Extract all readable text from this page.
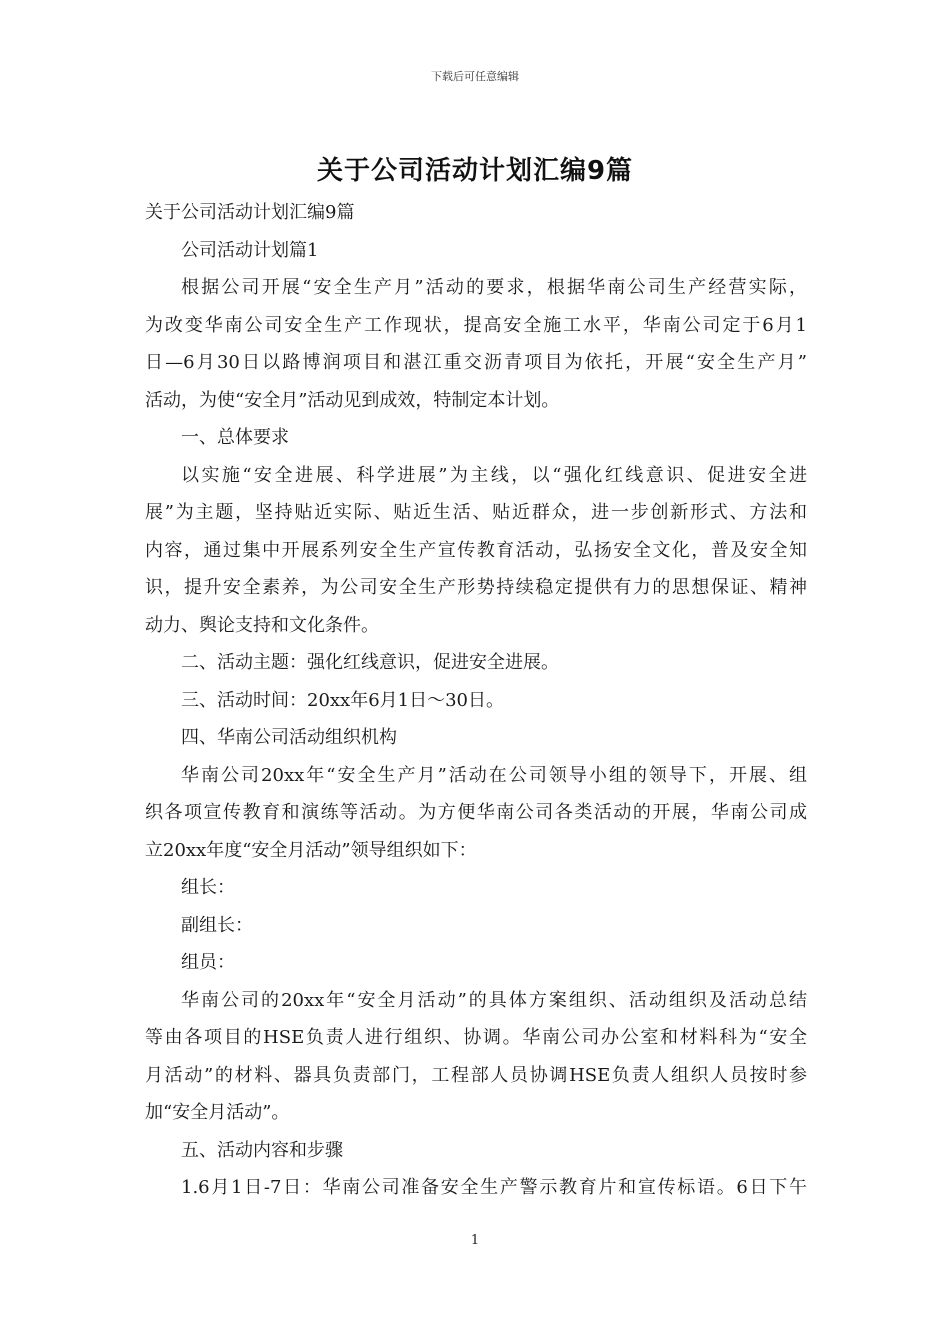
下载后可任意编辑
关于公司活动计划汇编9篇
关于公司活动计划汇编9篇
公司活动计划篇1
根据公司开展“安全生产月”活动的要求，根据华南公司生产经营实际，
为改变华南公司安全生产工作现状，提高安全施工水平，华南公司定于6月1
日—6月30日以路博润项目和湛江重交沥青项目为依托，开展“安全生产月”
活动，为使“安全月”活动见到成效，特制定本计划。
一、总体要求
以实施“安全进展、科学进展”为主线，以“强化红线意识、促进安全进
展”为主题，坚持贴近实际、贴近生活、贴近群众，进一步创新形式、方法和
内容，通过集中开展系列安全生产宣传教育活动，弘扬安全文化，普及安全知
识，提升安全素养，为公司安全生产形势持续稳定提供有力的思想保证、精神
动力、舆论支持和文化条件。
二、活动主题：强化红线意识，促进安全进展。
三、活动时间：20xx年6月1日～30日。
四、华南公司活动组织机构
华南公司20xx年“安全生产月”活动在公司领导小组的领导下，开展、组
织各项宣传教育和演练等活动。为方便华南公司各类活动的开展，华南公司成
立20xx年度“安全月活动”领导组织如下：
组长：
副组长：
组员：
华南公司的20xx年“安全月活动”的具体方案组织、活动组织及活动总结
等由各项目的HSE负责人进行组织、协调。华南公司办公室和材料科为“安全
月活动”的材料、器具负责部门，工程部人员协调HSE负责人组织人员按时参
加“安全月活动”。
五、活动内容和步骤
1.6月1日-7日：华南公司准备安全生产警示教育片和宣传标语。6日下午
1
